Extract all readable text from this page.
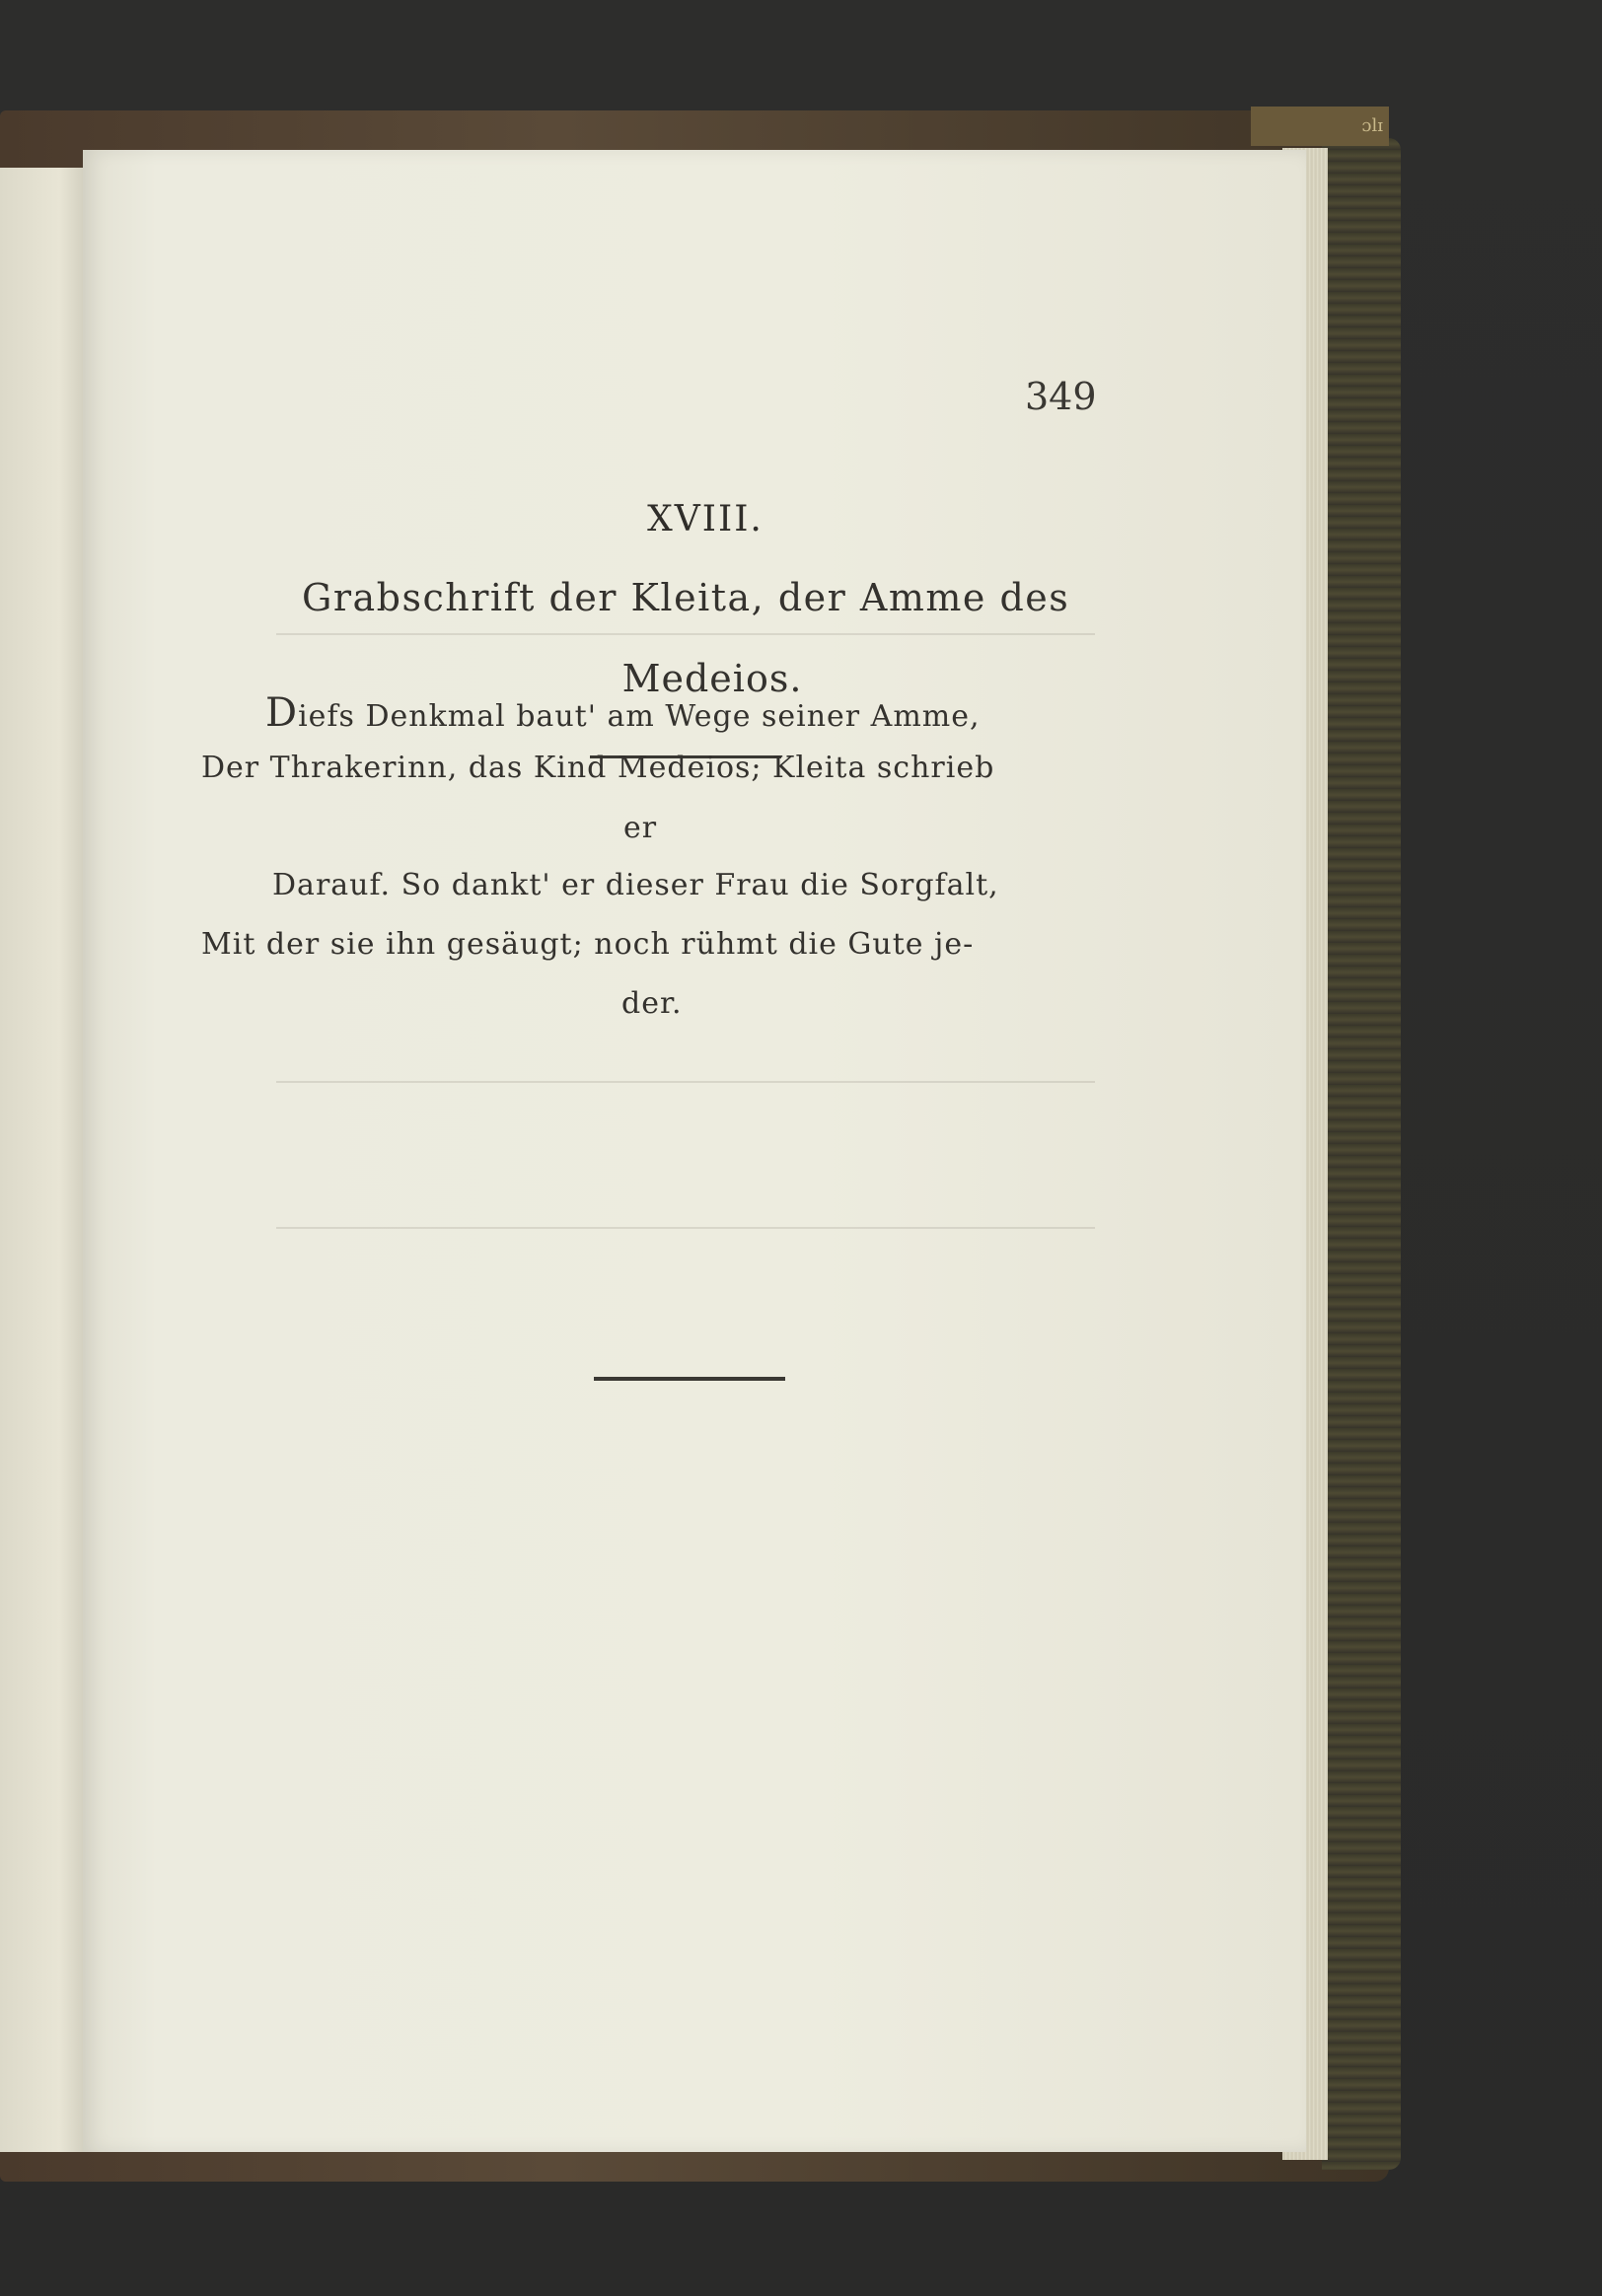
ɔlɪ
349
XVIII.
Grabschrift der Kleita, der Amme des
Medeios.
Diefs Denkmal baut' am Wege seiner Amme,
Der Thrakerinn, das Kind Medeios; Kleita schrieb
er
Darauf. So dankt' er dieser Frau die Sorgfalt,
Mit der sie ihn gesäugt; noch rühmt die Gute je-
der.
